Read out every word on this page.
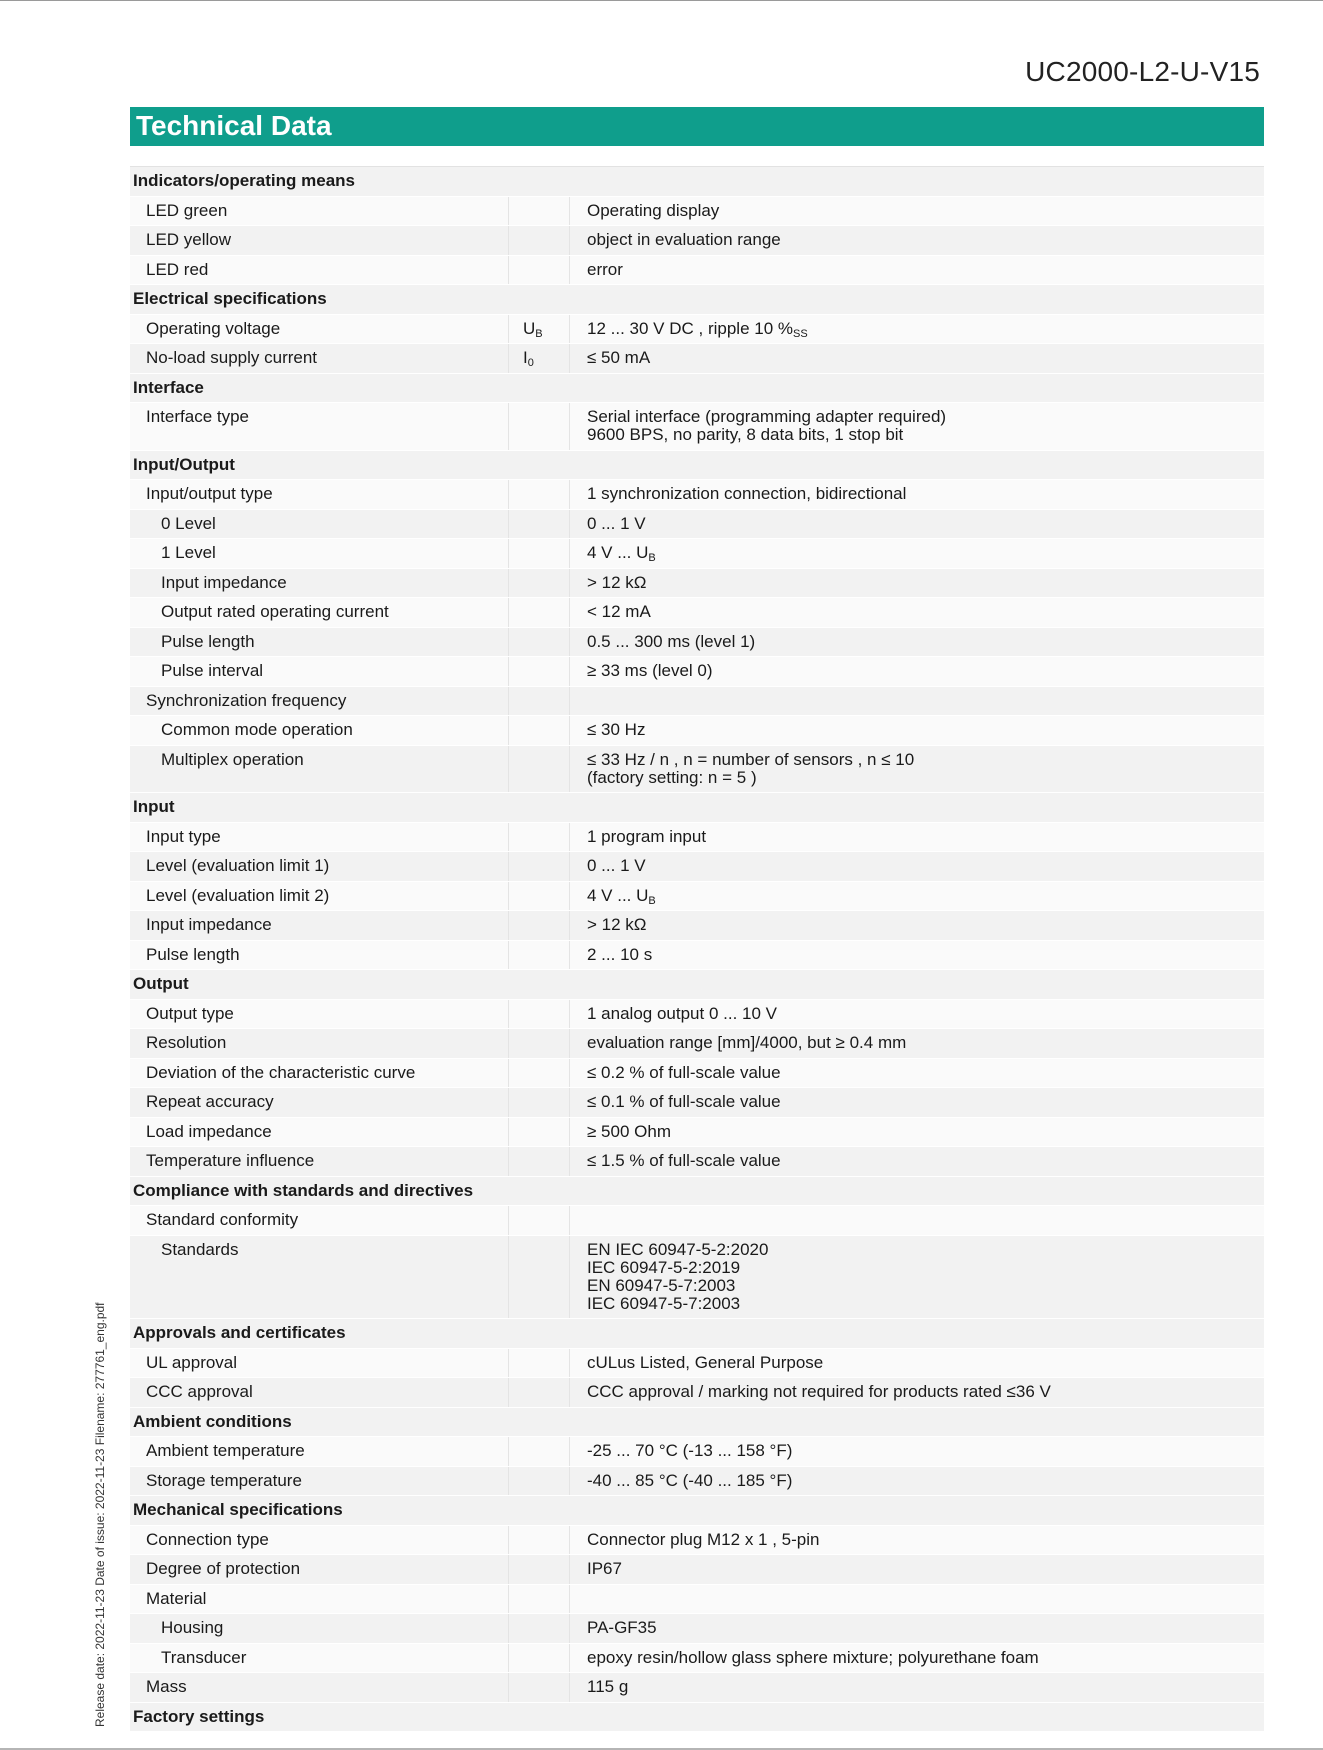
UC2000-L2-U-V15
Technical Data
Indicators/operating means
LED green	Operating display
LED yellow	object in evaluation range
LED red	error
Electrical specifications
Operating voltage	$U_B$	12 ... 30 V DC , ripple 10 $\%_{SS}$
No-load supply current	$I_0$	≤ 50 mA
Interface
Interface type	Serial interface (programming adapter required)
9600 BPS, no parity, 8 data bits, 1 stop bit
Input/Output
Input/output type	1 synchronization connection, bidirectional
0 Level	0 ... 1 V
1 Level	4 V ... $U_B$
Input impedance	> 12 kΩ
Output rated operating current	< 12 mA
Pulse length	0.5 ... 300 ms (level 1)
Pulse interval	≥ 33 ms (level 0)
Synchronization frequency
Common mode operation	≤ 30 Hz
Multiplex operation	≤ 33 Hz / n , n = number of sensors , n ≤ 10
(factory setting: n = 5 )
Input
Input type	1 program input
Level (evaluation limit 1)	0 ... 1 V
Level (evaluation limit 2)	4 V ... $U_B$
Input impedance	> 12 kΩ
Pulse length	2 ... 10 s
Output
Output type	1 analog output 0 ... 10 V
Resolution	evaluation range [mm]/4000, but ≥ 0.4 mm
Deviation of the characteristic curve	≤ 0.2 % of full-scale value
Repeat accuracy	≤ 0.1 % of full-scale value
Load impedance	≥ 500 Ohm
Temperature influence	≤ 1.5 % of full-scale value
Compliance with standards and directives
Standard conformity
Standards	EN IEC 60947-5-2:2020
IEC 60947-5-2:2019
EN 60947-5-7:2003
IEC 60947-5-7:2003
Approvals and certificates
UL approval	cULus Listed, General Purpose
CCC approval	CCC approval / marking not required for products rated ≤36 V
Ambient conditions
Ambient temperature	-25 ... 70 °C (-13 ... 158 °F)
Storage temperature	-40 ... 85 °C (-40 ... 185 °F)
Mechanical specifications
Connection type	Connector plug M12 x 1 , 5-pin
Degree of protection	IP67
Material
Housing	PA-GF35
Transducer	epoxy resin/hollow glass sphere mixture; polyurethane foam
Mass	115 g
Factory settings
Release date: 2022-11-23 Date of issue: 2022-11-23 Filename: 277761_eng.pdf
